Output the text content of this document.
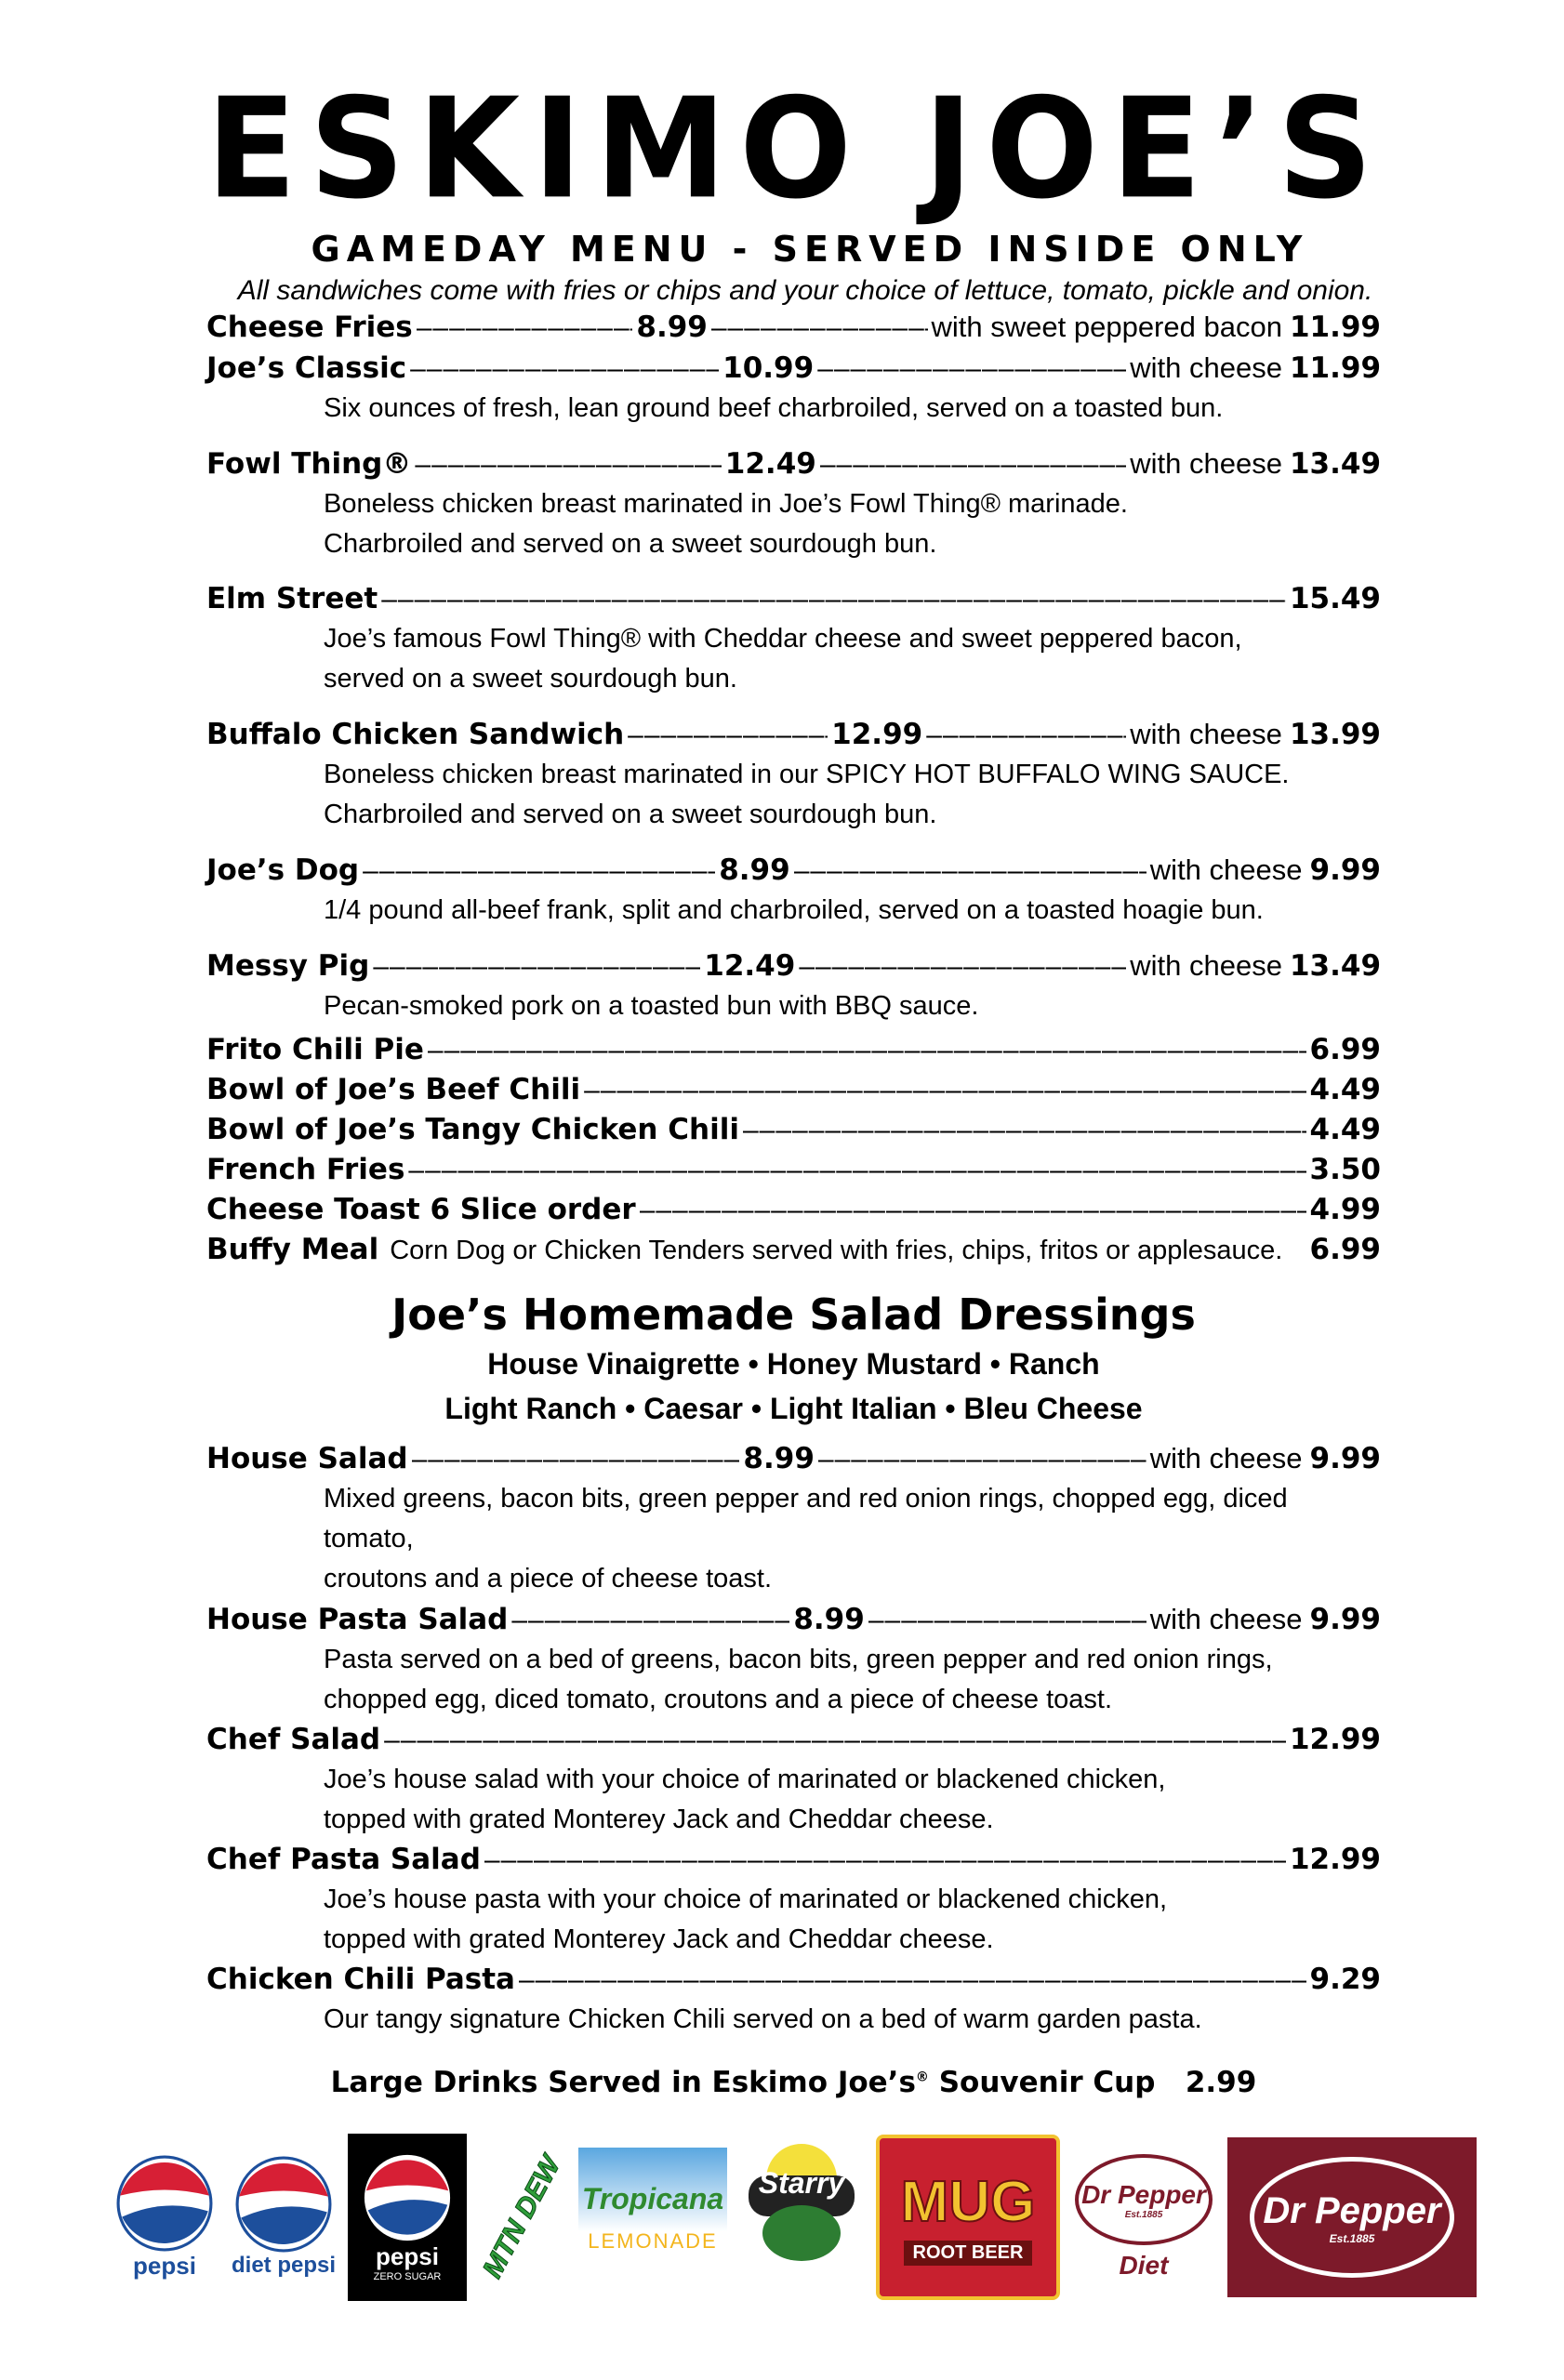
ESKIMO JOE’S
GAMEDAY MENU - SERVED INSIDE ONLY
All sandwiches come with fries or chips and your choice of lettuce, tomato, pickle and onion.
Cheese Fries –––––	8.99 –––––	with sweet peppered bacon 11.99
Joe’s Classic –––––	10.99 –––––	with cheese 11.99
Six ounces of fresh, lean ground beef charbroiled, served on a toasted bun.
Fowl Thing® –––––	12.49 –––––	with cheese 13.49
Boneless chicken breast marinated in Joe’s Fowl Thing® marinade.
Charbroiled and served on a sweet sourdough bun.
Elm Street –––––	15.49
Joe’s famous Fowl Thing® with Cheddar cheese and sweet peppered bacon,
served on a sweet sourdough bun.
Buffalo Chicken Sandwich –––––	12.99 –––––	with cheese 13.99
Boneless chicken breast marinated in our SPICY HOT BUFFALO WING SAUCE.
Charbroiled and served on a sweet sourdough bun.
Joe’s Dog –––––	8.99 –––––	with cheese 9.99
1/4 pound all-beef frank, split and charbroiled, served on a toasted hoagie bun.
Messy Pig –––––	12.49 –––––	with cheese 13.49
Pecan-smoked pork on a toasted bun with BBQ sauce.
Frito Chili Pie –––––	6.99
Bowl of Joe’s Beef Chili –––––	4.49
Bowl of Joe’s Tangy Chicken Chili –––––	4.49
French Fries –––––	3.50
Cheese Toast 6 Slice order –––––	4.99
Buffy Meal Corn Dog or Chicken Tenders served with fries, chips, fritos or applesauce. 6.99
Joe’s Homemade Salad Dressings
House Vinaigrette • Honey Mustard • Ranch
Light Ranch • Caesar • Light Italian • Bleu Cheese
House Salad –––––	8.99 –––––	with cheese 9.99
Mixed greens, bacon bits, green pepper and red onion rings, chopped egg, diced tomato,
croutons and a piece of cheese toast.
House Pasta Salad –––––	8.99 –––––	with cheese 9.99
Pasta served on a bed of greens, bacon bits, green pepper and red onion rings,
chopped egg, diced tomato, croutons and a piece of cheese toast.
Chef Salad –––––	12.99
Joe’s house salad with your choice of marinated or blackened chicken,
topped with grated Monterey Jack and Cheddar cheese.
Chef Pasta Salad –––––	12.99
Joe’s house pasta with your choice of marinated or blackened chicken,
topped with grated Monterey Jack and Cheddar cheese.
Chicken Chili Pasta –––––	9.29
Our tangy signature Chicken Chili served on a bed of warm garden pasta.
Large Drinks Served in Eskimo Joe’s® Souvenir Cup 2.99
pepsi diet pepsi pepsi
ZERO SUGAR MTN DEW Tropicana
LEMONADE
Starry MUG
ROOT BEER
Dr Pepper
Est.1885
Diet
Dr Pepper
Est.1885
